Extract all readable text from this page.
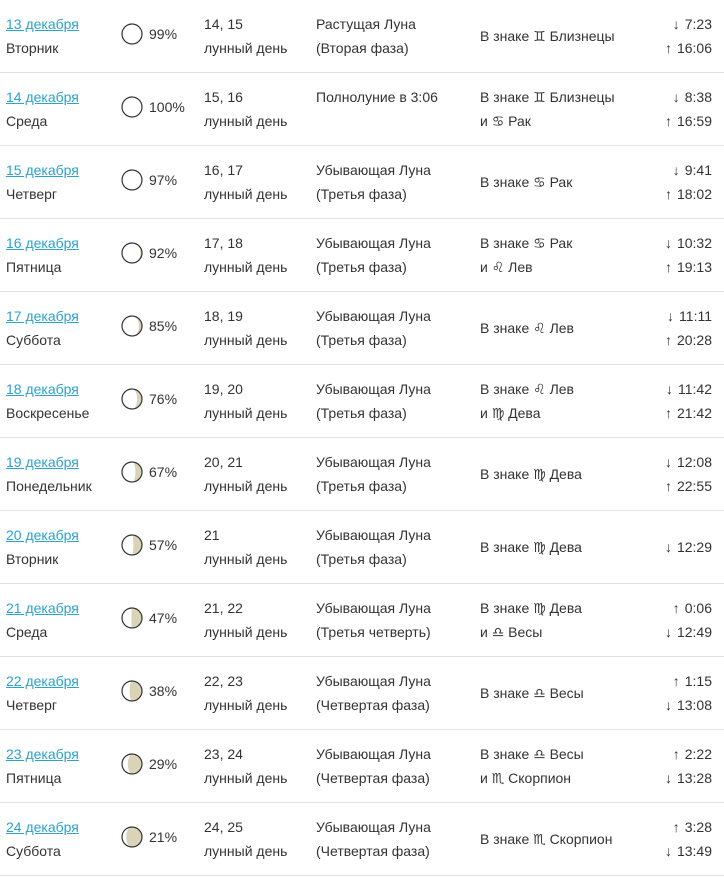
13 декабря
Вторник
99%
14, 15
лунный день
Растущая Луна
(Вторая фаза)
В знаке ♊ Близнецы
↓ 7:23
↑ 16:06
14 декабря
Среда
100%
15, 16
лунный день
Полнолуние в 3:06	В знаке ♊ Близнецы
и ♋ Рак
↓ 8:38
↑ 16:59
15 декабря
Четверг
97%
16, 17
лунный день
Убывающая Луна
(Третья фаза)
В знаке ♋ Рак
↓ 9:41
↑ 18:02
16 декабря
Пятница
92%
17, 18
лунный день
Убывающая Луна
(Третья фаза)
В знаке ♋ Рак
и ♌ Лев
↓ 10:32
↑ 19:13
17 декабря
Суббота
85%
18, 19
лунный день
Убывающая Луна
(Третья фаза)
В знаке ♌ Лев
↓ 11:11
↑ 20:28
18 декабря
Воскресенье
76%
19, 20
лунный день
Убывающая Луна
(Третья фаза)
В знаке ♌ Лев
и ♍ Дева
↓ 11:42
↑ 21:42
19 декабря
Понедельник
67%
20, 21
лунный день
Убывающая Луна
(Третья фаза)
В знаке ♍ Дева
↓ 12:08
↑ 22:55
20 декабря
Вторник
57%
21
лунный день
Убывающая Луна
(Третья фаза)
В знаке ♍ Дева	↓ 12:29
21 декабря
Среда
47%
21, 22
лунный день
Убывающая Луна
(Третья четверть)
В знаке ♍ Дева
и ♎ Весы
↑ 0:06
↓ 12:49
22 декабря
Четверг
38%
22, 23
лунный день
Убывающая Луна
(Четвертая фаза)
В знаке ♎ Весы
↑ 1:15
↓ 13:08
23 декабря
Пятница
29%
23, 24
лунный день
Убывающая Луна
(Четвертая фаза)
В знаке ♎ Весы
и ♏ Скорпион
↑ 2:22
↓ 13:28
24 декабря
Суббота
21%
24, 25
лунный день
Убывающая Луна
(Четвертая фаза)
В знаке ♏ Скорпион
↑ 3:28
↓ 13:49
